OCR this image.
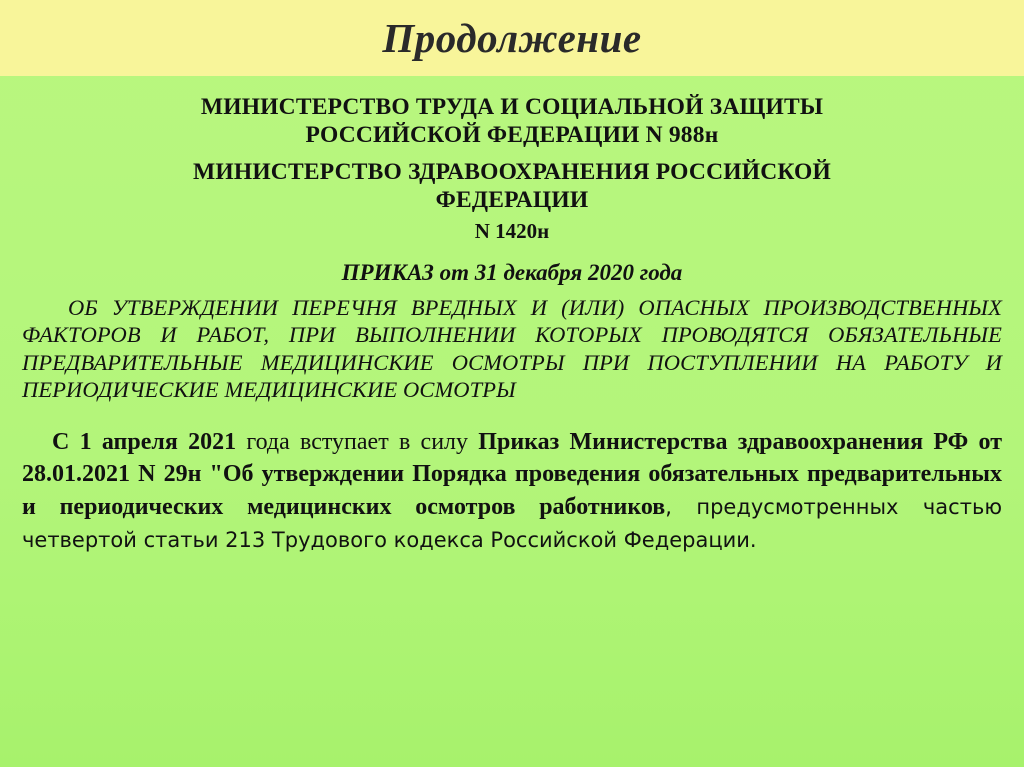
Продолжение
МИНИСТЕРСТВО ТРУДА И СОЦИАЛЬНОЙ ЗАЩИТЫ
РОССИЙСКОЙ ФЕДЕРАЦИИ N 988н
МИНИСТЕРСТВО ЗДРАВООХРАНЕНИЯ РОССИЙСКОЙ
ФЕДЕРАЦИИ
N 1420н
ПРИКАЗ от 31 декабря 2020 года
ОБ УТВЕРЖДЕНИИ ПЕРЕЧНЯ ВРЕДНЫХ И (ИЛИ) ОПАСНЫХ ПРОИЗВОДСТВЕННЫХ ФАКТОРОВ И РАБОТ, ПРИ ВЫПОЛНЕНИИ КОТОРЫХ ПРОВОДЯТСЯ ОБЯЗАТЕЛЬНЫЕ ПРЕДВАРИТЕЛЬНЫЕ МЕДИЦИНСКИЕ ОСМОТРЫ ПРИ ПОСТУПЛЕНИИ НА РАБОТУ И ПЕРИОДИЧЕСКИЕ МЕДИЦИНСКИЕ ОСМОТРЫ
С 1 апреля 2021 года вступает в силу Приказ Министерства здравоохранения РФ от 28.01.2021 N 29н "Об утверждении Порядка проведения обязательных предварительных и периодических медицинских осмотров работников, предусмотренных частью четвертой статьи 213 Трудового кодекса Российской Федерации.
